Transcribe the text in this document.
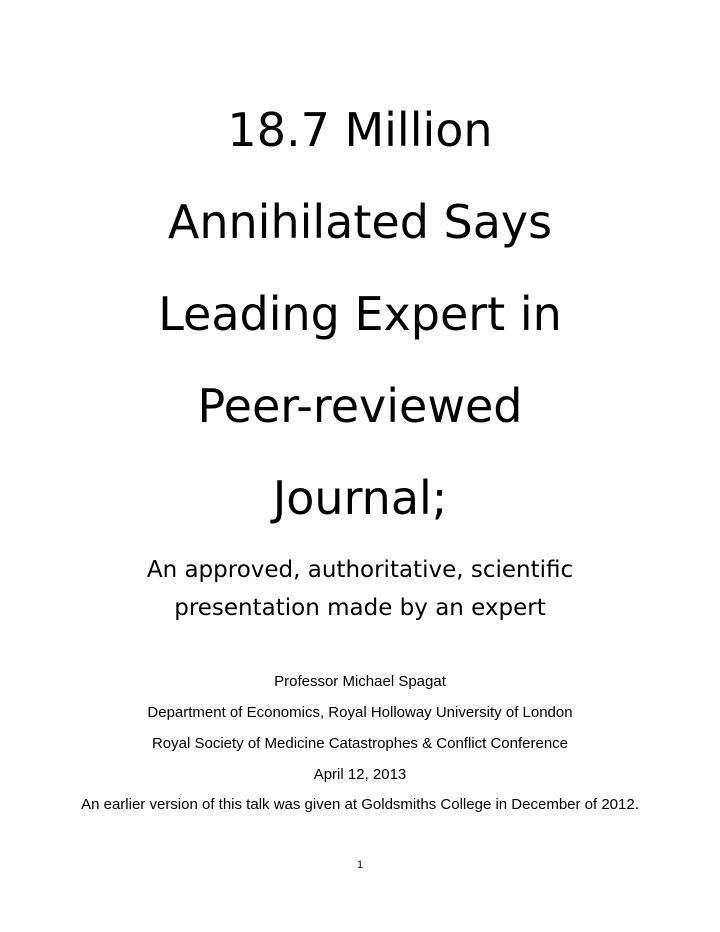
18.7 Million
Annihilated Says
Leading Expert in
Peer-reviewed
Journal;
An approved, authoritative, scientific
presentation made by an expert
Professor Michael Spagat
Department of Economics, Royal Holloway University of London
Royal Society of Medicine Catastrophes & Conflict Conference
April 12, 2013
An earlier version of this talk was given at Goldsmiths College in December of 2012.
1
